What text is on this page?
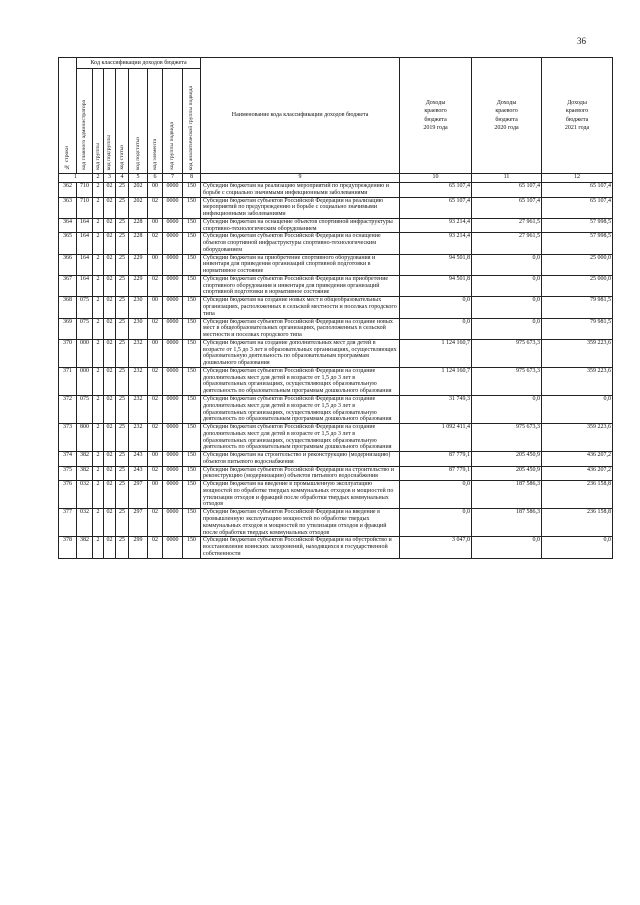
36
№ строки	Код классификации доходов бюджета								Наименование кода классификации доходов бюджета	Доходы
краевого
бюджета
2019 года	Доходы
краевого
бюджета
2020 года	Доходы
краевого
бюджета
2021 года

	код главного администратора	код группы	код подгруппы	код статьи	код подстатьи	код элемента	код группы подвида	код аналитической группы подвида				

1		2	3	4	5	6	7	8	9	10	11	12
362	710	2	02	25	202	00	0000	150	Субсидии бюджетам на реализацию мероприятий по предупреждению и борьбе с социально значимыми инфекционными заболеваниями	65 107,4	65 107,4	65 107,4
363	710	2	02	25	202	02	0000	150	Субсидии бюджетам субъектов Российской Федерации на реализацию мероприятий по предупреждению и борьбе с социально значимыми инфекционными заболеваниями	65 107,4	65 107,4	65 107,4
364	164	2	02	25	228	00	0000	150	Субсидии бюджетам на оснащение объектов спортивной инфраструктуры спортивно-технологическим оборудованием	93 214,4	27 961,5	57 998,5
365	164	2	02	25	228	02	0000	150	Субсидии бюджетам субъектов Российской Федерации на оснащение объектов спортивной инфраструктуры спортивно-технологическим оборудованием	93 214,4	27 961,5	57 998,5
366	164	2	02	25	229	00	0000	150	Субсидии бюджетам на приобретение спортивного оборудования и инвентаря для приведения организаций спортивной подготовки в нормативное состояние	94 501,8	0,0	25 000,0
367	164	2	02	25	229	02	0000	150	Субсидии бюджетам субъектов Российской Федерации на приобретение спортивного оборудования и инвентаря для приведения организаций спортивной подготовки в нормативное состояние	94 501,8	0,0	25 000,0
368	075	2	02	25	230	00	0000	150	Субсидии бюджетам на создание новых мест в общеобразовательных организациях, расположенных в сельской местности и поселках городского типа	0,0	0,0	79 981,5
369	075	2	02	25	230	02	0000	150	Субсидии бюджетам субъектов Российской Федерации на создание новых мест в общеобразовательных организациях, расположенных в сельской местности и поселках городского типа	0,0	0,0	79 981,5
370	000	2	02	25	232	00	0000	150	Субсидии бюджетам на создание дополнительных мест для детей в возрасте от 1,5 до 3 лет в образовательных организациях, осуществляющих образовательную деятельность по образовательным программам дошкольного образования	1 124 160,7	975 673,3	359 223,6
371	000	2	02	25	232	02	0000	150	Субсидии бюджетам субъектов Российской Федерации на создание дополнительных мест для детей в возрасте от 1,5 до 3 лет в образовательных организациях, осуществляющих образовательную деятельность по образовательным программам дошкольного образования	1 124 160,7	975 673,3	359 223,6
372	075	2	02	25	232	02	0000	150	Субсидии бюджетам субъектов Российской Федерации на создание дополнительных мест для детей в возрасте от 1,5 до 3 лет в образовательных организациях, осуществляющих образовательную деятельность по образовательным программам дошкольного образования	31 749,3	0,0	0,0
373	800	2	02	25	232	02	0000	150	Субсидии бюджетам субъектов Российской Федерации на создание дополнительных мест для детей в возрасте от 1,5 до 3 лет в образовательных организациях, осуществляющих образовательную деятельность по образовательным программам дошкольного образования	1 092 411,4	975 673,3	359 223,6
374	382	2	02	25	243	00	0000	150	Субсидии бюджетам на строительство и реконструкцию (модернизацию) объектов питьевого водоснабжения	87 779,1	205 450,9	436 207,2
375	382	2	02	25	243	02	0000	150	Субсидии бюджетам субъектов Российской Федерации на строительство и реконструкцию (модернизацию) объектов питьевого водоснабжения	87 779,1	205 450,9	436 207,2
376	032	2	02	25	297	00	0000	150	Субсидии бюджетам на введение в промышленную эксплуатацию мощностей по обработке твердых коммунальных отходов и мощностей по утилизации отходов и фракций после обработки твердых коммунальных отходов	0,0	187 586,3	236 158,8
377	032	2	02	25	297	02	0000	150	Субсидии бюджетам субъектов Российской Федерации на введение в промышленную эксплуатацию мощностей по обработке твердых коммунальных отходов и мощностей по утилизации отходов и фракций после обработки твердых коммунальных отходов	0,0	187 586,3	236 158,8
378	382	2	02	25	299	02	0000	150	Субсидии бюджетам субъектов Российской Федерации на обустройство и восстановление воинских захоронений, находящихся в государственной собственности	3 047,0	0,0	0,0
